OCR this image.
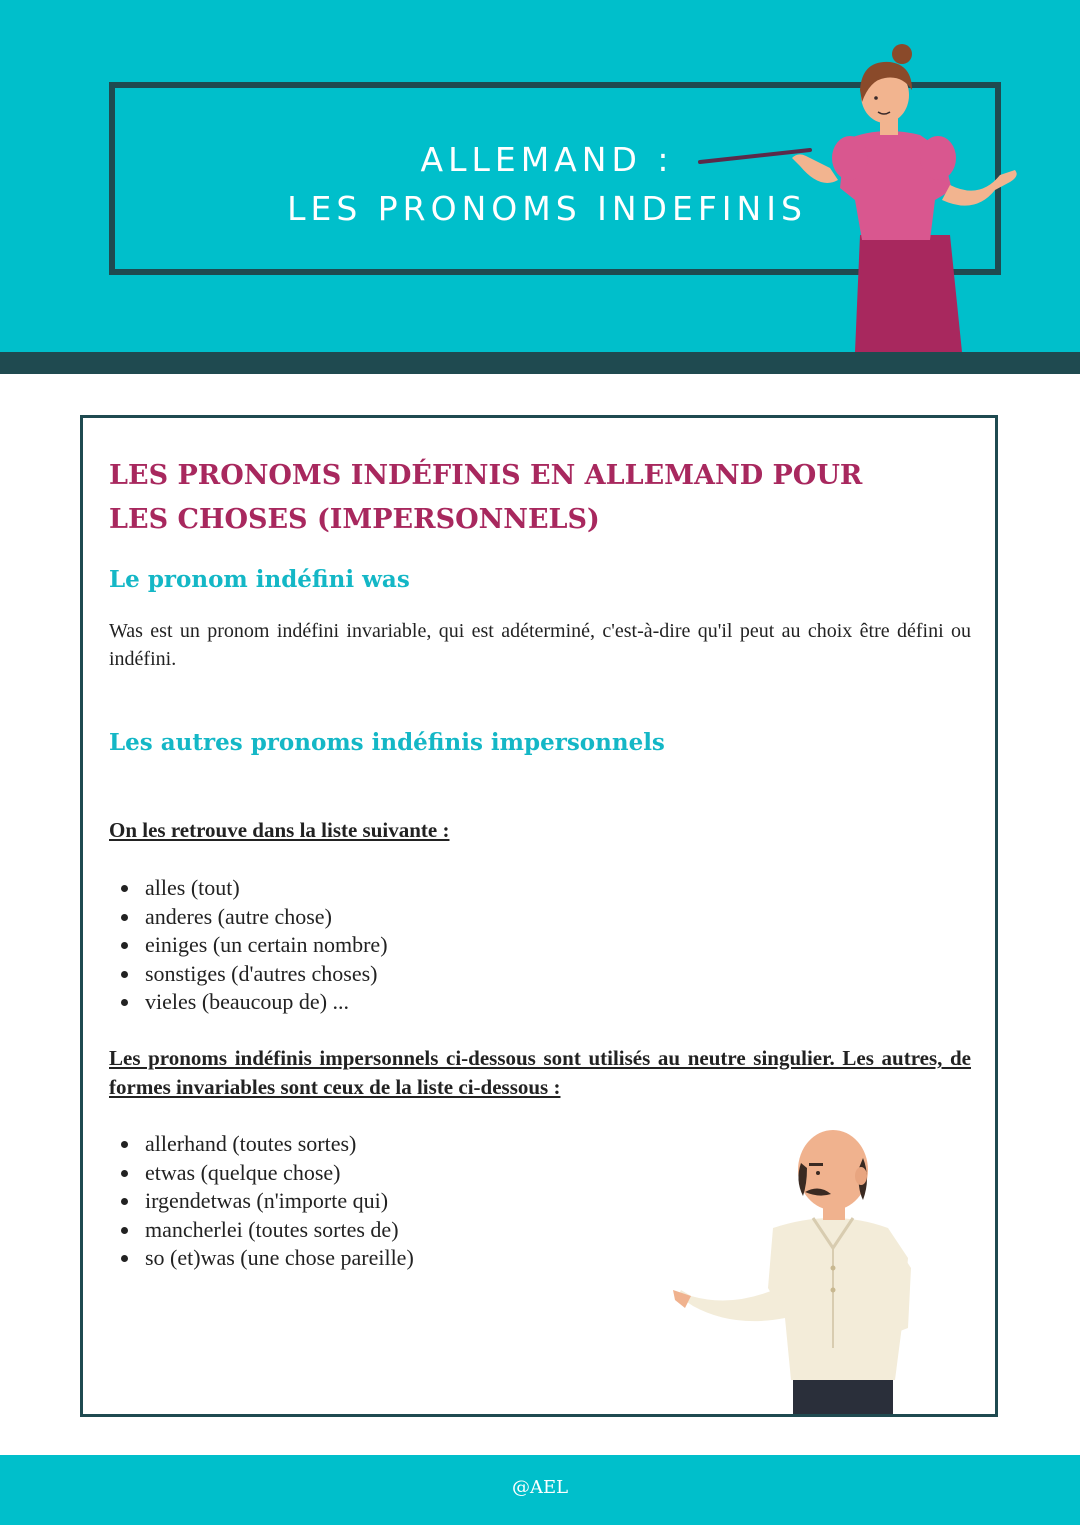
ALLEMAND :
LES PRONOMS INDEFINIS
LES PRONOMS INDÉFINIS EN ALLEMAND POUR LES CHOSES (IMPERSONNELS)
Le pronom indéfini was
Was est un pronom indéfini invariable, qui est adéterminé, c'est-à-dire qu'il peut au choix être défini ou indéfini.
Les autres pronoms indéfinis impersonnels
On les retrouve dans la liste suivante :
alles (tout)
anderes (autre chose)
einiges (un certain nombre)
sonstiges (d'autres choses)
vieles (beaucoup de) ...
Les pronoms indéfinis impersonnels ci-dessous sont utilisés au neutre singulier. Les autres, de formes invariables sont ceux de la liste ci-dessous :
allerhand (toutes sortes)
etwas (quelque chose)
irgendetwas (n'importe qui)
mancherlei (toutes sortes de)
so (et)was (une chose pareille)
@AEL
